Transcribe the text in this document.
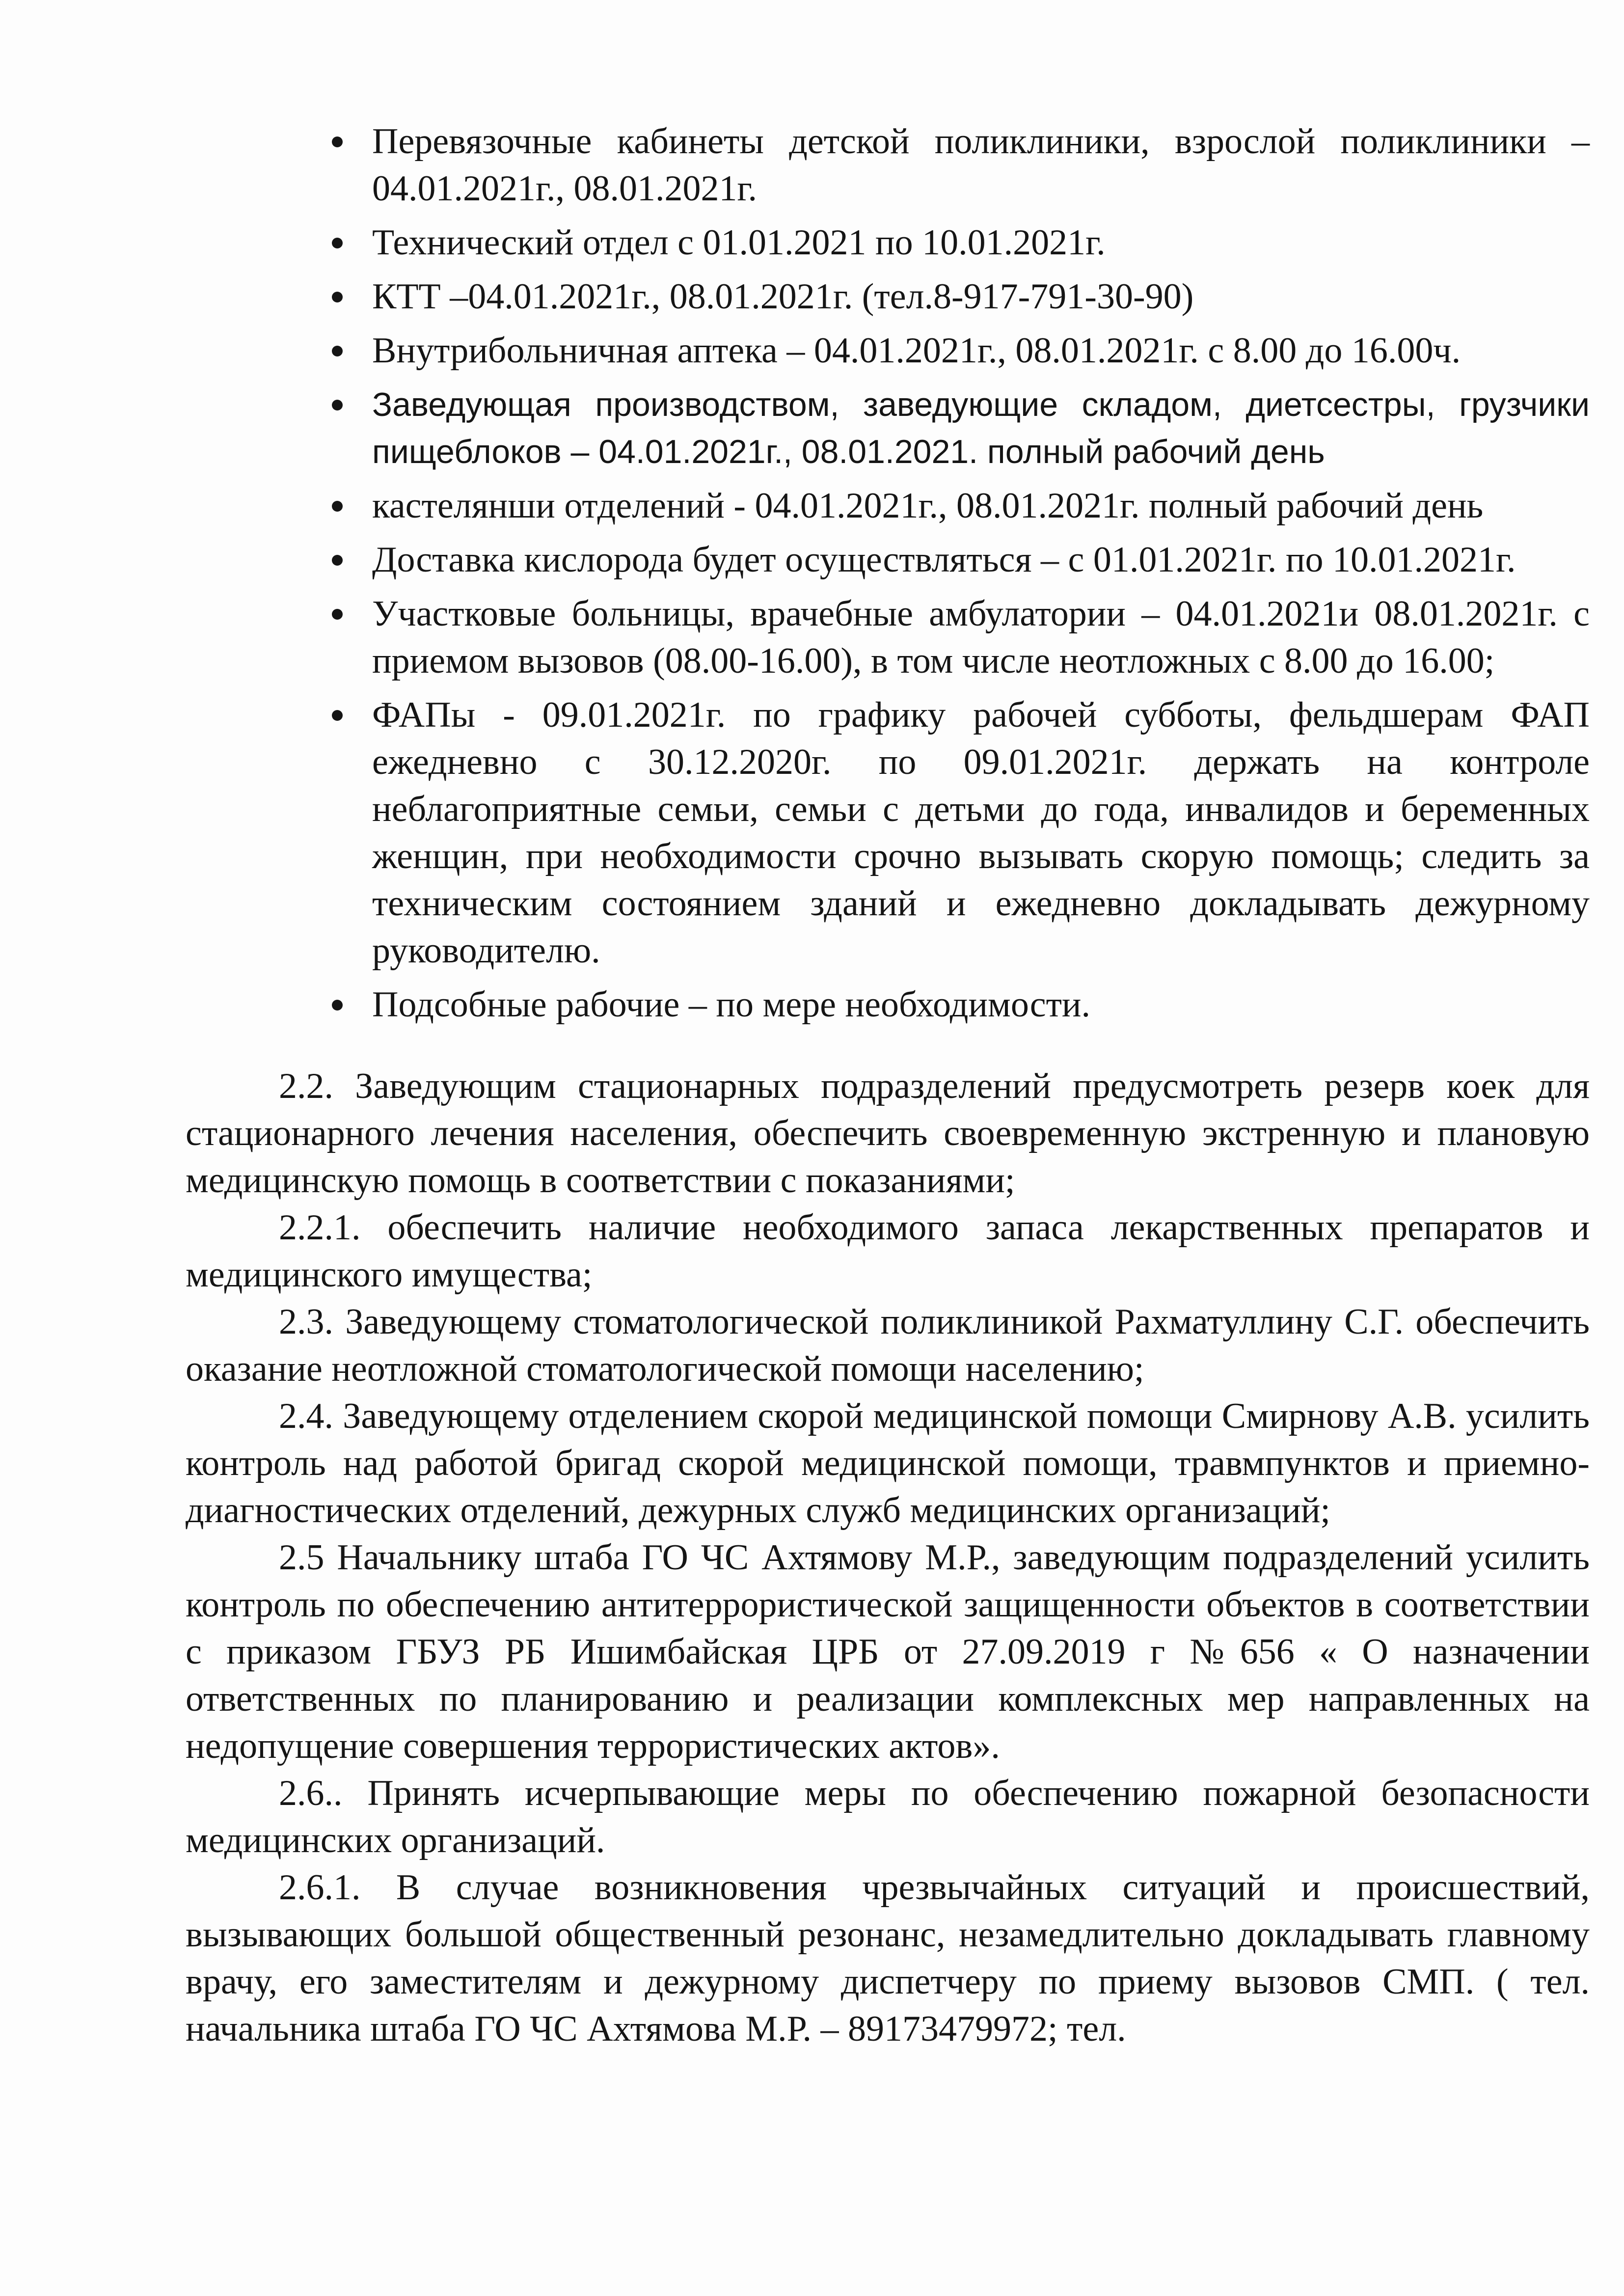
Перевязочные кабинеты детской поликлиники, взрослой поликлиники – 04.01.2021г., 08.01.2021г.
Технический отдел с 01.01.2021 по 10.01.2021г.
КТТ –04.01.2021г., 08.01.2021г. (тел.8-917-791-30-90)
Внутрибольничная аптека – 04.01.2021г., 08.01.2021г. с 8.00 до 16.00ч.
Заведующая производством, заведующие складом, диетсестры, грузчики пищеблоков – 04.01.2021г., 08.01.2021. полный рабочий день
кастелянши отделений - 04.01.2021г., 08.01.2021г. полный рабочий день
Доставка кислорода будет осуществляться – с 01.01.2021г. по 10.01.2021г.
Участковые больницы, врачебные амбулатории – 04.01.2021и 08.01.2021г. с приемом вызовов (08.00-16.00), в том числе неотложных с 8.00 до 16.00;
ФАПы - 09.01.2021г. по графику рабочей субботы, фельдшерам ФАП ежедневно с 30.12.2020г. по 09.01.2021г. держать на контроле неблагоприятные семьи, семьи с детьми до года, инвалидов и беременных женщин, при необходимости срочно вызывать скорую помощь; следить за техническим состоянием зданий и ежедневно докладывать дежурному руководителю.
Подсобные рабочие – по мере необходимости.

2.2. Заведующим стационарных подразделений предусмотреть резерв коек для стационарного лечения населения, обеспечить своевременную экстренную и плановую медицинскую помощь в соответствии с показаниями;

2.2.1. обеспечить наличие необходимого запаса лекарственных препаратов и медицинского имущества;

2.3. Заведующему стоматологической поликлиникой Рахматуллину С.Г. обеспечить оказание неотложной стоматологической помощи населению;

2.4. Заведующему отделением скорой медицинской помощи Смирнову А.В. усилить контроль над работой бригад скорой медицинской помощи, травмпунктов и приемно-диагностических отделений, дежурных служб медицинских организаций;

2.5 Начальнику штаба ГО ЧС Ахтямову М.Р., заведующим подразделений усилить контроль по обеспечению антитеррористической защищенности объектов в соответствии с приказом ГБУЗ РБ Ишимбайская ЦРБ от 27.09.2019 г №656 « О назначении ответственных по планированию и реализации комплексных мер направленных на недопущение совершения террористических актов».

2.6.. Принять исчерпывающие меры по обеспечению пожарной безопасности медицинских организаций.

2.6.1. В случае возникновения чрезвычайных ситуаций и происшествий, вызывающих большой общественный резонанс, незамедлительно докладывать главному врачу, его заместителям и дежурному диспетчеру по приему вызовов СМП. ( тел. начальника штаба ГО ЧС Ахтямова М.Р. – 89173479972; тел.
